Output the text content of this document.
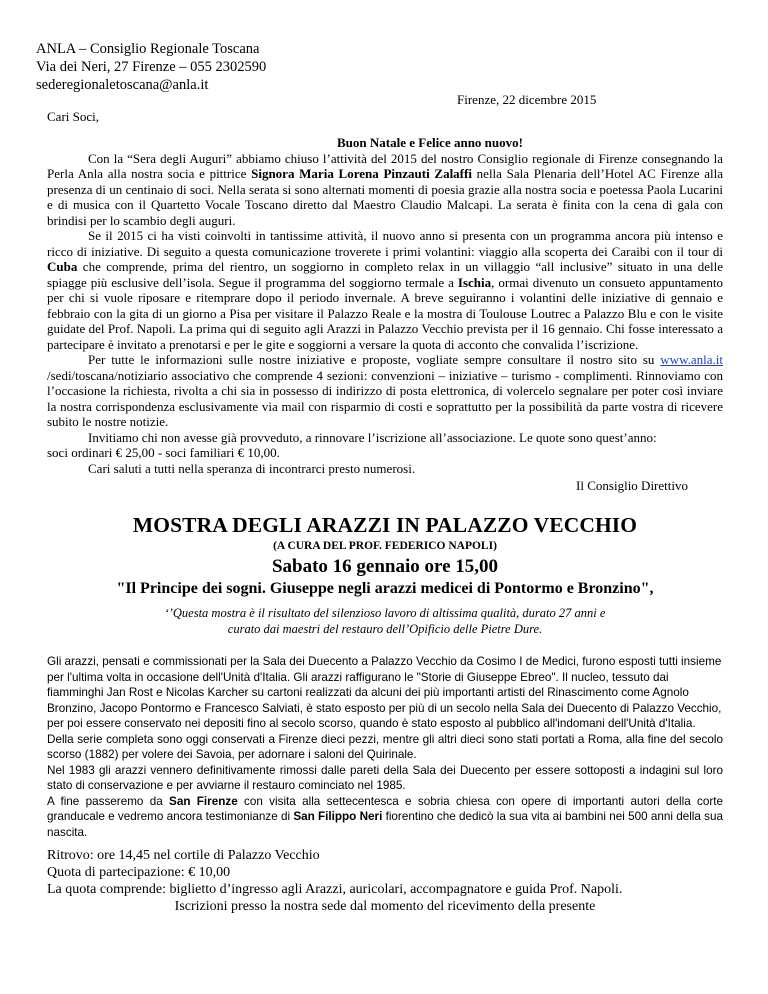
ANLA – Consiglio Regionale Toscana
Via dei Neri, 27 Firenze – 055 2302590
sederegionaletoscana@anla.it
Firenze, 22 dicembre 2015
Cari Soci,

Buon Natale e Felice anno nuovo!

Con la “Sera degli Auguri” abbiamo chiuso l’attività del 2015 del nostro Consiglio regionale di Firenze consegnando la Perla Anla alla nostra socia e pittrice Signora Maria Lorena Pinzauti Zalaffi nella Sala Plenaria dell’Hotel AC Firenze alla presenza di un centinaio di soci. Nella serata si sono alternati momenti di poesia grazie alla nostra socia e poetessa Paola Lucarini e di musica con il Quartetto Vocale Toscano diretto dal Maestro Claudio Malcapi. La serata è finita con la cena di gala con brindisi per lo scambio degli auguri.

Se il 2015 ci ha visti coinvolti in tantissime attività, il nuovo anno si presenta con un programma ancora più intenso e ricco di iniziative. Di seguito a questa comunicazione troverete i primi volantini: viaggio alla scoperta dei Caraibi con il tour di Cuba che comprende, prima del rientro, un soggiorno in completo relax in un villaggio “all inclusive” situato in una delle spiagge più esclusive dell’isola. Segue il programma del soggiorno termale a Ischia, ormai divenuto un consueto appuntamento per chi si vuole riposare e ritemprare dopo il periodo invernale. A breve seguiranno i volantini delle iniziative di gennaio e febbraio con la gita di un giorno a Pisa per visitare il Palazzo Reale e la mostra di Toulouse Loutrec a Palazzo Blu e con le visite guidate del Prof. Napoli. La prima qui di seguito agli Arazzi in Palazzo Vecchio prevista per il 16 gennaio. Chi fosse interessato a partecipare è invitato a prenotarsi e per le gite e soggiorni a versare la quota di acconto che convalida l’iscrizione.

Per tutte le informazioni sulle nostre iniziative e proposte, vogliate sempre consultare il nostro sito su www.anla.it /sedi/toscana/notiziario associativo che comprende 4 sezioni: convenzioni – iniziative – turismo - complimenti. Rinnoviamo con l’occasione la richiesta, rivolta a chi sia in possesso di indirizzo di posta elettronica, di volercelo segnalare per poter così inviare la nostra corrispondenza esclusivamente via mail con risparmio di costi e soprattutto per la possibilità da parte vostra di ricevere subito le nostre notizie.

Invitiamo chi non avesse già provveduto, a rinnovare l’iscrizione all’associazione. Le quote sono quest’anno:

soci ordinari € 25,00 - soci familiari € 10,00.

Cari saluti a tutti nella speranza di incontrarci presto numerosi.

Il Consiglio Direttivo

MOSTRA DEGLI ARAZZI IN PALAZZO VECCHIO

(A CURA DEL PROF. FEDERICO NAPOLI)

Sabato 16 gennaio ore 15,00

"Il Principe dei sogni. Giuseppe negli arazzi medicei di Pontormo e Bronzino",

‘’Questa mostra è il risultato del silenzioso lavoro di altissima qualità, durato 27 anni e
curato dai maestri del restauro dell’Opificio delle Pietre Dure.

Gli arazzi, pensati e commissionati per la Sala dei Duecento a Palazzo Vecchio da Cosimo I de Medici, furono esposti tutti insieme per l'ultima volta in occasione dell'Unità d'Italia. Gli arazzi raffigurano le "Storie di Giuseppe Ebreo". Il nucleo, tessuto dai fiamminghi Jan Rost e Nicolas Karcher su cartoni realizzati da alcuni dei più importanti artisti del Rinascimento come Agnolo Bronzino, Jacopo Pontormo e Francesco Salviati, è stato esposto per più di un secolo nella Sala dei Duecento di Palazzo Vecchio, per poi essere conservato nei depositi fino al secolo scorso, quando è stato esposto al pubblico all'indomani dell'Unità d'Italia.

Della serie completa sono oggi conservati a Firenze dieci pezzi, mentre gli altri dieci sono stati portati a Roma, alla fine del secolo scorso (1882) per volere dei Savoia, per adornare i saloni del Quirinale.

Nel 1983 gli arazzi vennero definitivamente rimossi dalle pareti della Sala dei Duecento per essere sottoposti a indagini sul loro stato di conservazione e per avviarne il restauro cominciato nel 1985.

A fine passeremo da San Firenze con visita alla settecentesca e sobria chiesa con opere di importanti autori della corte granducale e vedremo ancora testimonianze di San Filippo Neri fiorentino che dedicò la sua vita ai bambini nei 500 anni della sua nascita.

Ritrovo: ore 14,45 nel cortile di Palazzo Vecchio

Quota di partecipazione: € 10,00

La quota comprende: biglietto d’ingresso agli Arazzi, auricolari, accompagnatore e guida Prof. Napoli.

Iscrizioni presso la nostra sede dal momento del ricevimento della presente
